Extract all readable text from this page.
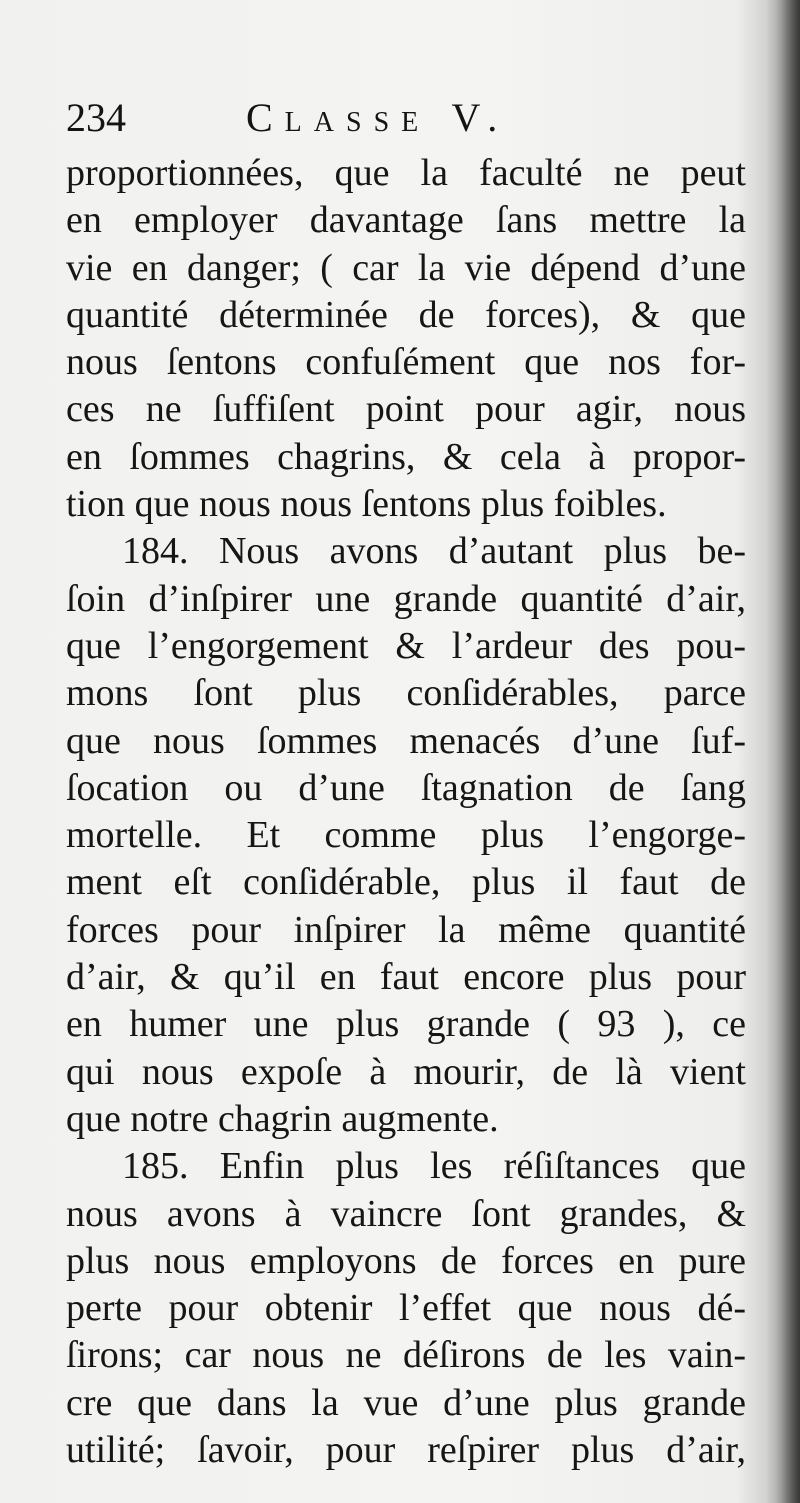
234	Classe V.
proportionnées, que la faculté ne peut
en employer davantage ſans mettre la
vie en danger; ( car la vie dépend d’une
quantité déterminée de forces), & que
nous ſentons confuſément que nos for-
ces ne ſuffiſent point pour agir, nous
en ſommes chagrins, & cela à propor-
tion que nous nous ſentons plus foibles.
184. Nous avons d’autant plus be-
ſoin d’inſpirer une grande quantité d’air,
que l’engorgement & l’ardeur des pou-
mons ſont plus conſidérables, parce
que nous ſommes menacés d’une ſuf-
ſocation ou d’une ſtagnation de ſang
mortelle. Et comme plus l’engorge-
ment eſt conſidérable, plus il faut de
forces pour inſpirer la même quantité
d’air, & qu’il en faut encore plus pour
en humer une plus grande ( 93 ), ce
qui nous expoſe à mourir, de là vient
que notre chagrin augmente.
185. Enfin plus les réſiſtances que
nous avons à vaincre ſont grandes, &
plus nous employons de forces en pure
perte pour obtenir l’effet que nous dé-
ſirons; car nous ne déſirons de les vain-
cre que dans la vue d’une plus grande
utilité; ſavoir, pour reſpirer plus d’air,
